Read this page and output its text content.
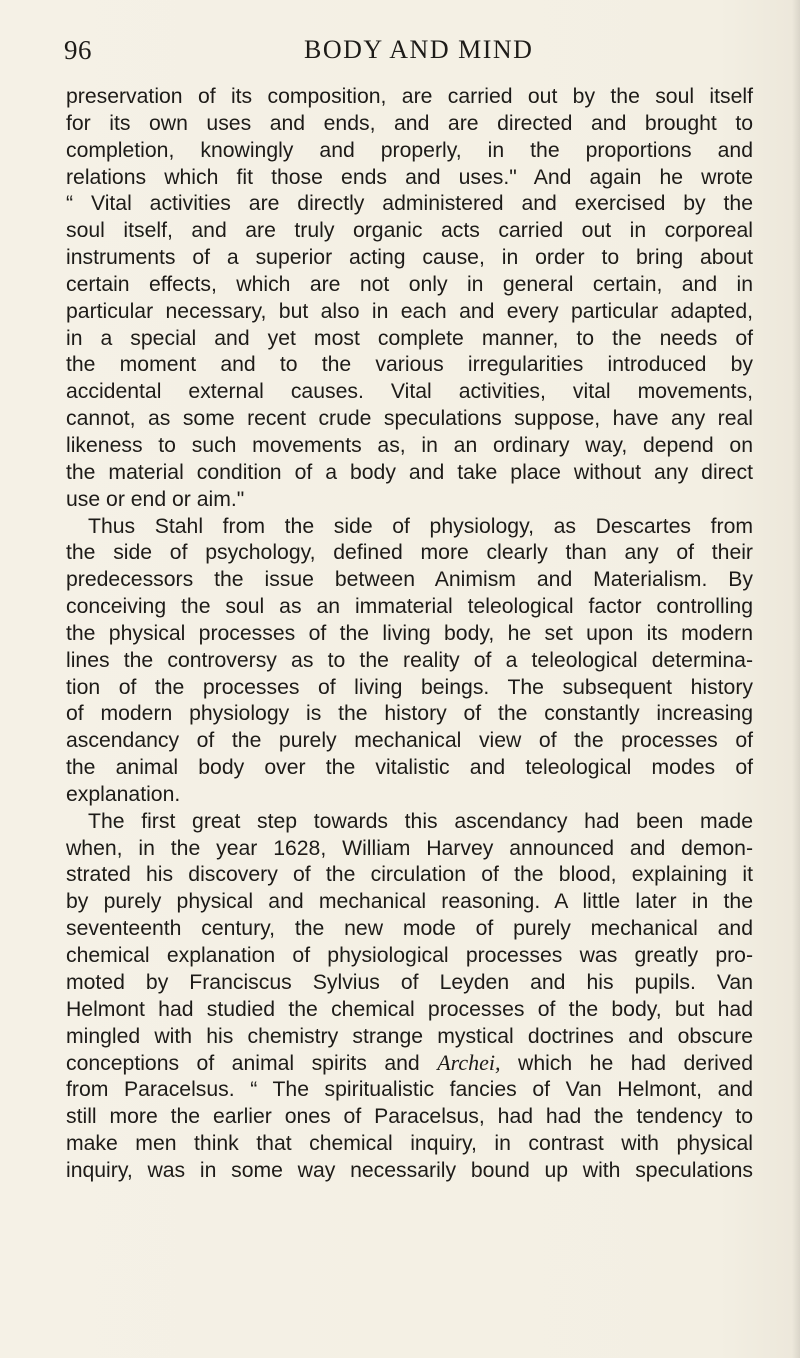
96	BODY AND MIND
preservation of its composition, are carried out by the soul itself
for its own uses and ends, and are directed and brought to
completion, knowingly and properly, in the proportions and
relations which fit those ends and uses." And again he wrote
“ Vital activities are directly administered and exercised by the
soul itself, and are truly organic acts carried out in corporeal
instruments of a superior acting cause, in order to bring about
certain effects, which are not only in general certain, and in
particular necessary, but also in each and every particular adapted,
in a special and yet most complete manner, to the needs of
the moment and to the various irregularities introduced by
accidental external causes. Vital activities, vital movements,
cannot, as some recent crude speculations suppose, have any real
likeness to such movements as, in an ordinary way, depend on
the material condition of a body and take place without any direct
use or end or aim."
Thus Stahl from the side of physiology, as Descartes from
the side of psychology, defined more clearly than any of their
predecessors the issue between Animism and Materialism. By
conceiving the soul as an immaterial teleological factor controlling
the physical processes of the living body, he set upon its modern
lines the controversy as to the reality of a teleological determina-
tion of the processes of living beings. The subsequent history
of modern physiology is the history of the constantly increasing
ascendancy of the purely mechanical view of the processes of
the animal body over the vitalistic and teleological modes of
explanation.
The first great step towards this ascendancy had been made
when, in the year 1628, William Harvey announced and demon-
strated his discovery of the circulation of the blood, explaining it
by purely physical and mechanical reasoning. A little later in the
seventeenth century, the new mode of purely mechanical and
chemical explanation of physiological processes was greatly pro-
moted by Franciscus Sylvius of Leyden and his pupils. Van
Helmont had studied the chemical processes of the body, but had
mingled with his chemistry strange mystical doctrines and obscure
conceptions of animal spirits and Archei, which he had derived
from Paracelsus. “ The spiritualistic fancies of Van Helmont, and
still more the earlier ones of Paracelsus, had had the tendency to
make men think that chemical inquiry, in contrast with physical
inquiry, was in some way necessarily bound up with speculations
